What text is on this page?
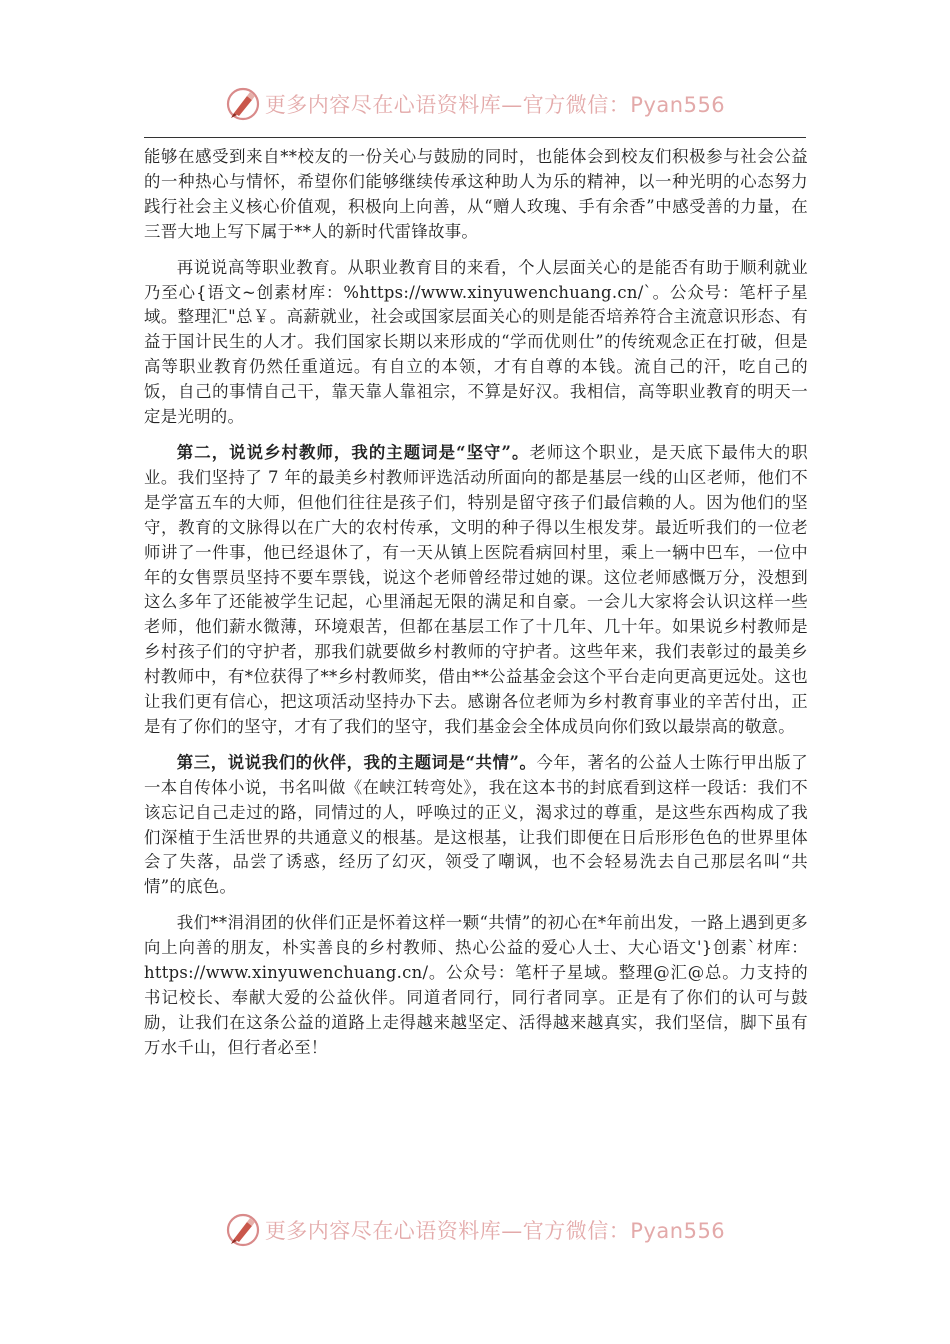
更多内容尽在心语资料库—官方微信：Pyan556

能够在感受到来自**校友的一份关心与鼓励的同时，也能体会到校友们积极参与社会公益的一种热心与情怀，希望你们能够继续传承这种助人为乐的精神，以一种光明的心态努力践行社会主义核心价值观，积极向上向善，从“赠人玫瑰、手有余香”中感受善的力量，在三晋大地上写下属于**人的新时代雷锋故事。

再说说高等职业教育。从职业教育目的来看，个人层面关心的是能否有助于顺利就业乃至心{语文~创素材库：%https://www.xinyuwenchuang.cn/`。公众号：笔杆子星域。整理汇"总￥。高薪就业，社会或国家层面关心的则是能否培养符合主流意识形态、有益于国计民生的人才。我们国家长期以来形成的“学而优则仕”的传统观念正在打破，但是高等职业教育仍然任重道远。有自立的本领，才有自尊的本钱。流自己的汗，吃自己的饭，自己的事情自己干，靠天靠人靠祖宗，不算是好汉。我相信，高等职业教育的明天一定是光明的。

第二，说说乡村教师，我的主题词是“坚守”。老师这个职业，是天底下最伟大的职业。我们坚持了 7 年的最美乡村教师评选活动所面向的都是基层一线的山区老师，他们不是学富五车的大师，但他们往往是孩子们，特别是留守孩子们最信赖的人。因为他们的坚守，教育的文脉得以在广大的农村传承，文明的种子得以生根发芽。最近听我们的一位老师讲了一件事，他已经退休了，有一天从镇上医院看病回村里，乘上一辆中巴车，一位中年的女售票员坚持不要车票钱，说这个老师曾经带过她的课。这位老师感慨万分，没想到这么多年了还能被学生记起，心里涌起无限的满足和自豪。一会儿大家将会认识这样一些老师，他们薪水微薄，环境艰苦，但都在基层工作了十几年、几十年。如果说乡村教师是乡村孩子们的守护者，那我们就要做乡村教师的守护者。这些年来，我们表彰过的最美乡村教师中，有*位获得了**乡村教师奖，借由**公益基金会这个平台走向更高更远处。这也让我们更有信心，把这项活动坚持办下去。感谢各位老师为乡村教育事业的辛苦付出，正是有了你们的坚守，才有了我们的坚守，我们基金会全体成员向你们致以最崇高的敬意。

第三，说说我们的伙伴，我的主题词是“共情”。今年，著名的公益人士陈行甲出版了一本自传体小说，书名叫做《在峡江转弯处》，我在这本书的封底看到这样一段话：我们不该忘记自己走过的路，同情过的人，呼唤过的正义，渴求过的尊重，是这些东西构成了我们深植于生活世界的共通意义的根基。是这根基，让我们即便在日后形形色色的世界里体会了失落，品尝了诱惑，经历了幻灭，领受了嘲讽，也不会轻易洗去自己那层名叫“共情”的底色。

我们**涓涓团的伙伴们正是怀着这样一颗“共情”的初心在*年前出发，一路上遇到更多向上向善的朋友，朴实善良的乡村教师、热心公益的爱心人士、大心语文'}创素`材库：https://www.xinyuwenchuang.cn/。公众号：笔杆子星域。整理@汇@总。力支持的书记校长、奉献大爱的公益伙伴。同道者同行，同行者同享。正是有了你们的认可与鼓励，让我们在这条公益的道路上走得越来越坚定、活得越来越真实，我们坚信，脚下虽有万水千山，但行者必至！

更多内容尽在心语资料库—官方微信：Pyan556
